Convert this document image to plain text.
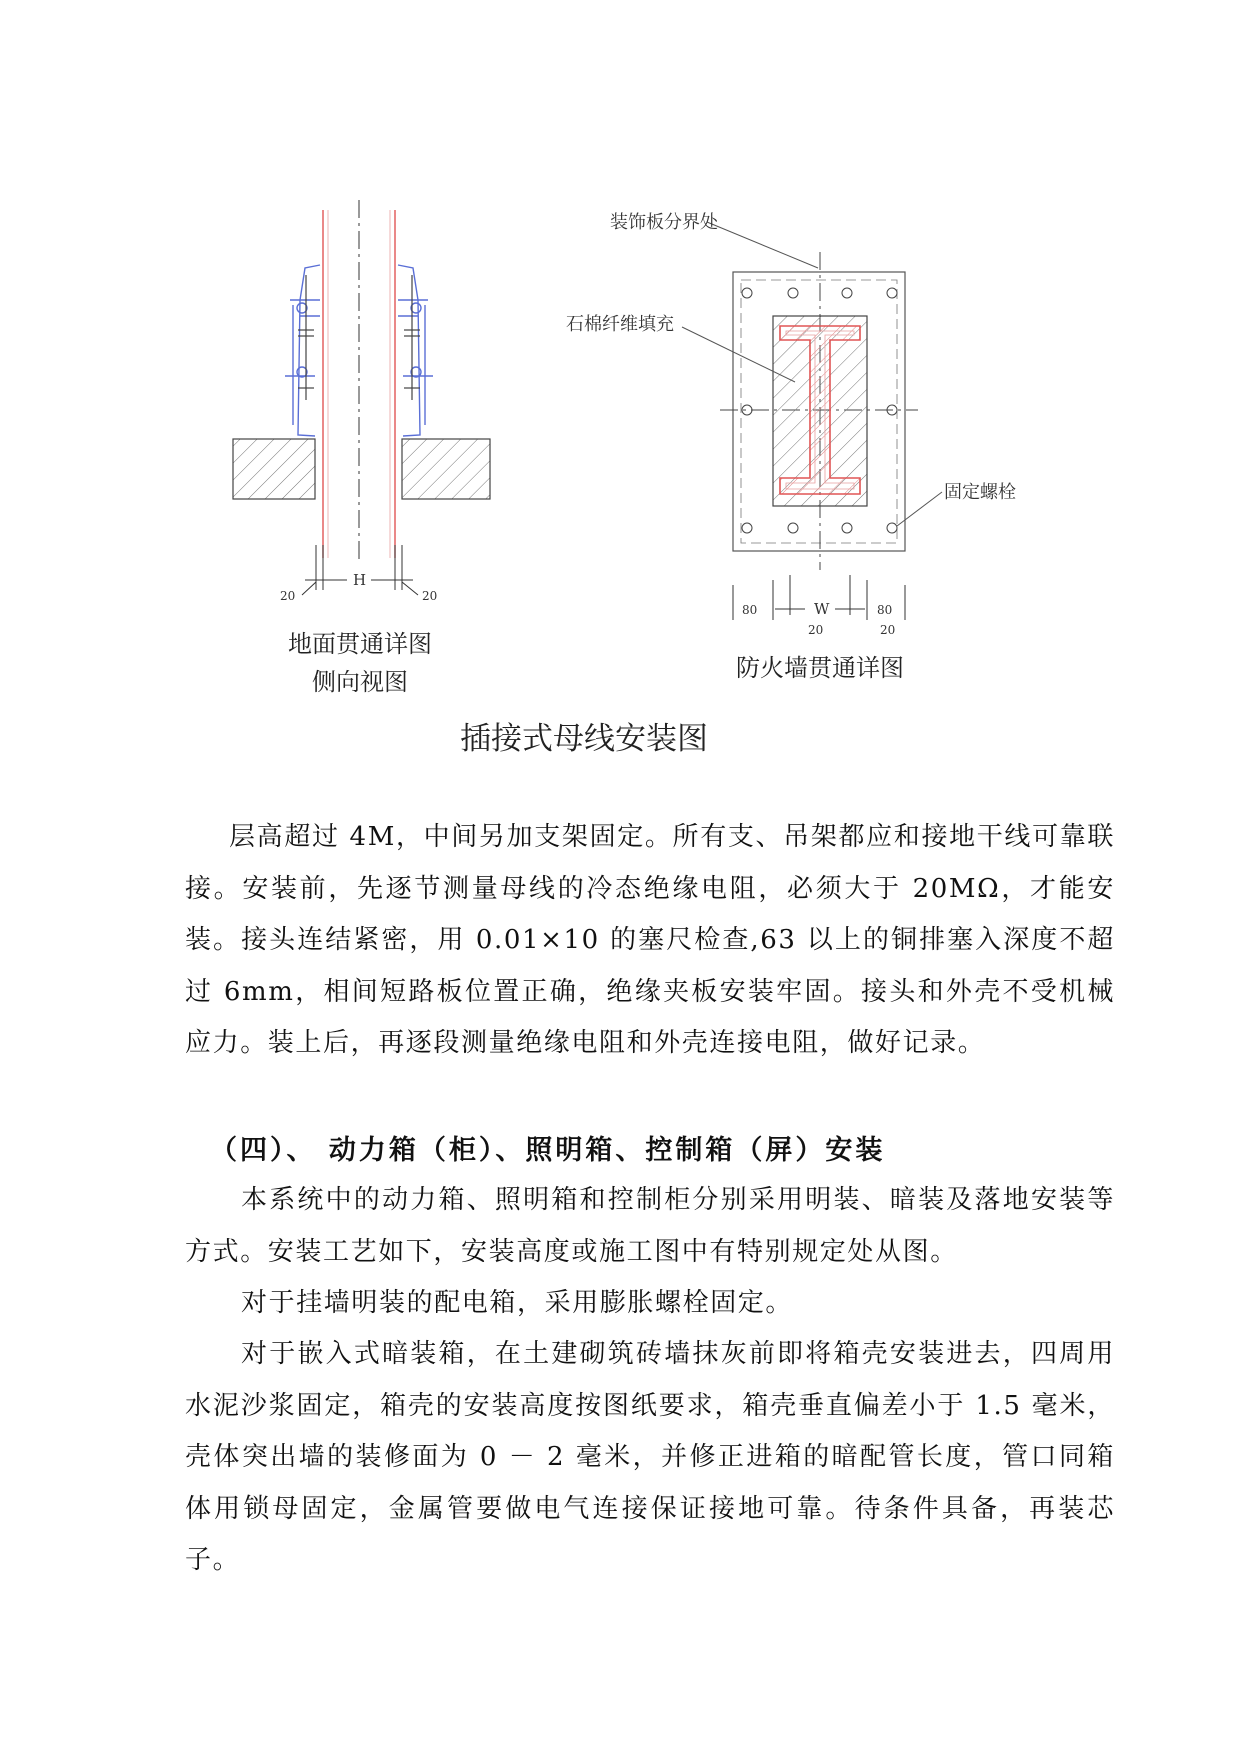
20
H
20
装饰板分界处
石棉纤维填充
固定螺栓
80	W	80
20	20
地面贯通详图
侧向视图	防火墙贯通详图
插接式母线安装图

层高超过 4M，中间另加支架固定。所有支、吊架都应和接地干线可靠联接。安装前，先逐节测量母线的冷态绝缘电阻，必须大于 20MΩ，才能安装。接头连结紧密，用 0.01×10 的塞尺检查,63 以上的铜排塞入深度不超过 6mm，相间短路板位置正确，绝缘夹板安装牢固。接头和外壳不受机械应力。装上后，再逐段测量绝缘电阻和外壳连接电阻，做好记录。

（四）、 动力箱（柜）、照明箱、控制箱（屏）安装

本系统中的动力箱、照明箱和控制柜分别采用明装、暗装及落地安装等方式。安装工艺如下，安装高度或施工图中有特别规定处从图。

对于挂墙明装的配电箱，采用膨胀螺栓固定。

对于嵌入式暗装箱，在土建砌筑砖墙抹灰前即将箱壳安装进去，四周用水泥沙浆固定，箱壳的安装高度按图纸要求，箱壳垂直偏差小于 1.5 毫米，壳体突出墙的装修面为 0 － 2 毫米，并修正进箱的暗配管长度，管口同箱体用锁母固定，金属管要做电气连接保证接地可靠。待条件具备，再装芯子。
